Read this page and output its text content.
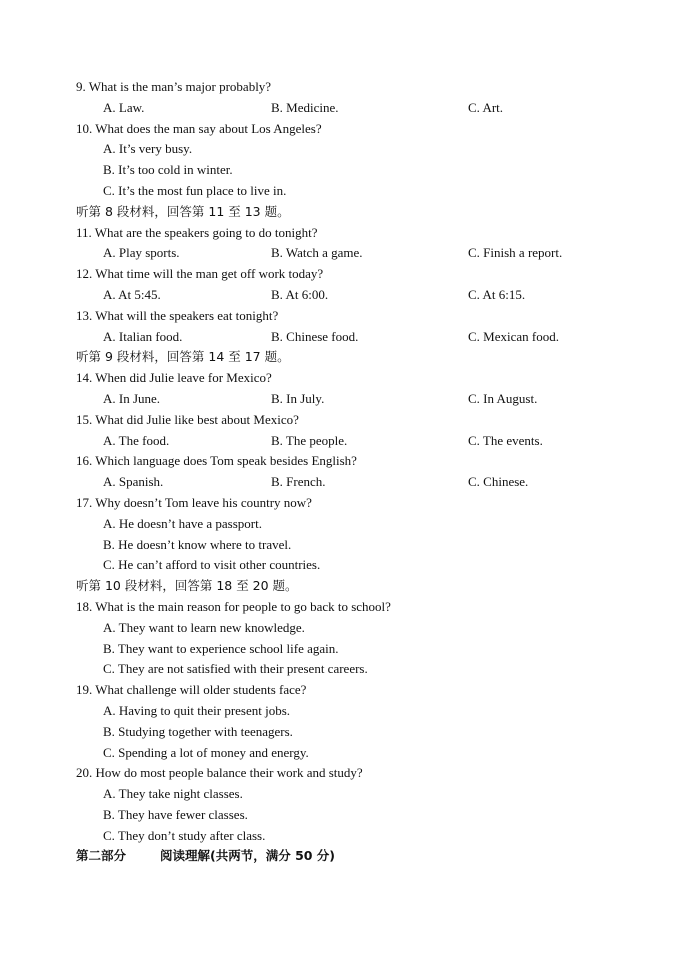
9. What is the man’s major probably?
A. Law.	B. Medicine.	C. Art.
10. What does the man say about Los Angeles?
A. It’s very busy.
B. It’s too cold in winter.
C. It’s the most fun place to live in.
听第 8 段材料，回答第 11 至 13 题。
11. What are the speakers going to do tonight?
A. Play sports.	B. Watch a game.	C. Finish a report.
12. What time will the man get off work today?
A. At 5:45.	B. At 6:00.	C. At 6:15.
13. What will the speakers eat tonight?
A. Italian food.	B. Chinese food.	C. Mexican food.
听第 9 段材料，回答第 14 至 17 题。
14. When did Julie leave for Mexico?
A. In June.	B. In July.	C. In August.
15. What did Julie like best about Mexico?
A. The food.	B. The people.	C. The events.
16. Which language does Tom speak besides English?
A. Spanish.	B. French.	C. Chinese.
17. Why doesn’t Tom leave his country now?
A. He doesn’t have a passport.
B. He doesn’t know where to travel.
C. He can’t afford to visit other countries.
听第 10 段材料，回答第 18 至 20 题。
18. What is the main reason for people to go back to school?
A. They want to learn new knowledge.
B. They want to experience school life again.
C. They are not satisfied with their present careers.
19. What challenge will older students face?
A. Having to quit their present jobs.
B. Studying together with teenagers.
C. Spending a lot of money and energy.
20. How do most people balance their work and study?
A. They take night classes.
B. They have fewer classes.
C. They don’t study after class.
第二部分	阅读理解(共两节，满分 50 分)
